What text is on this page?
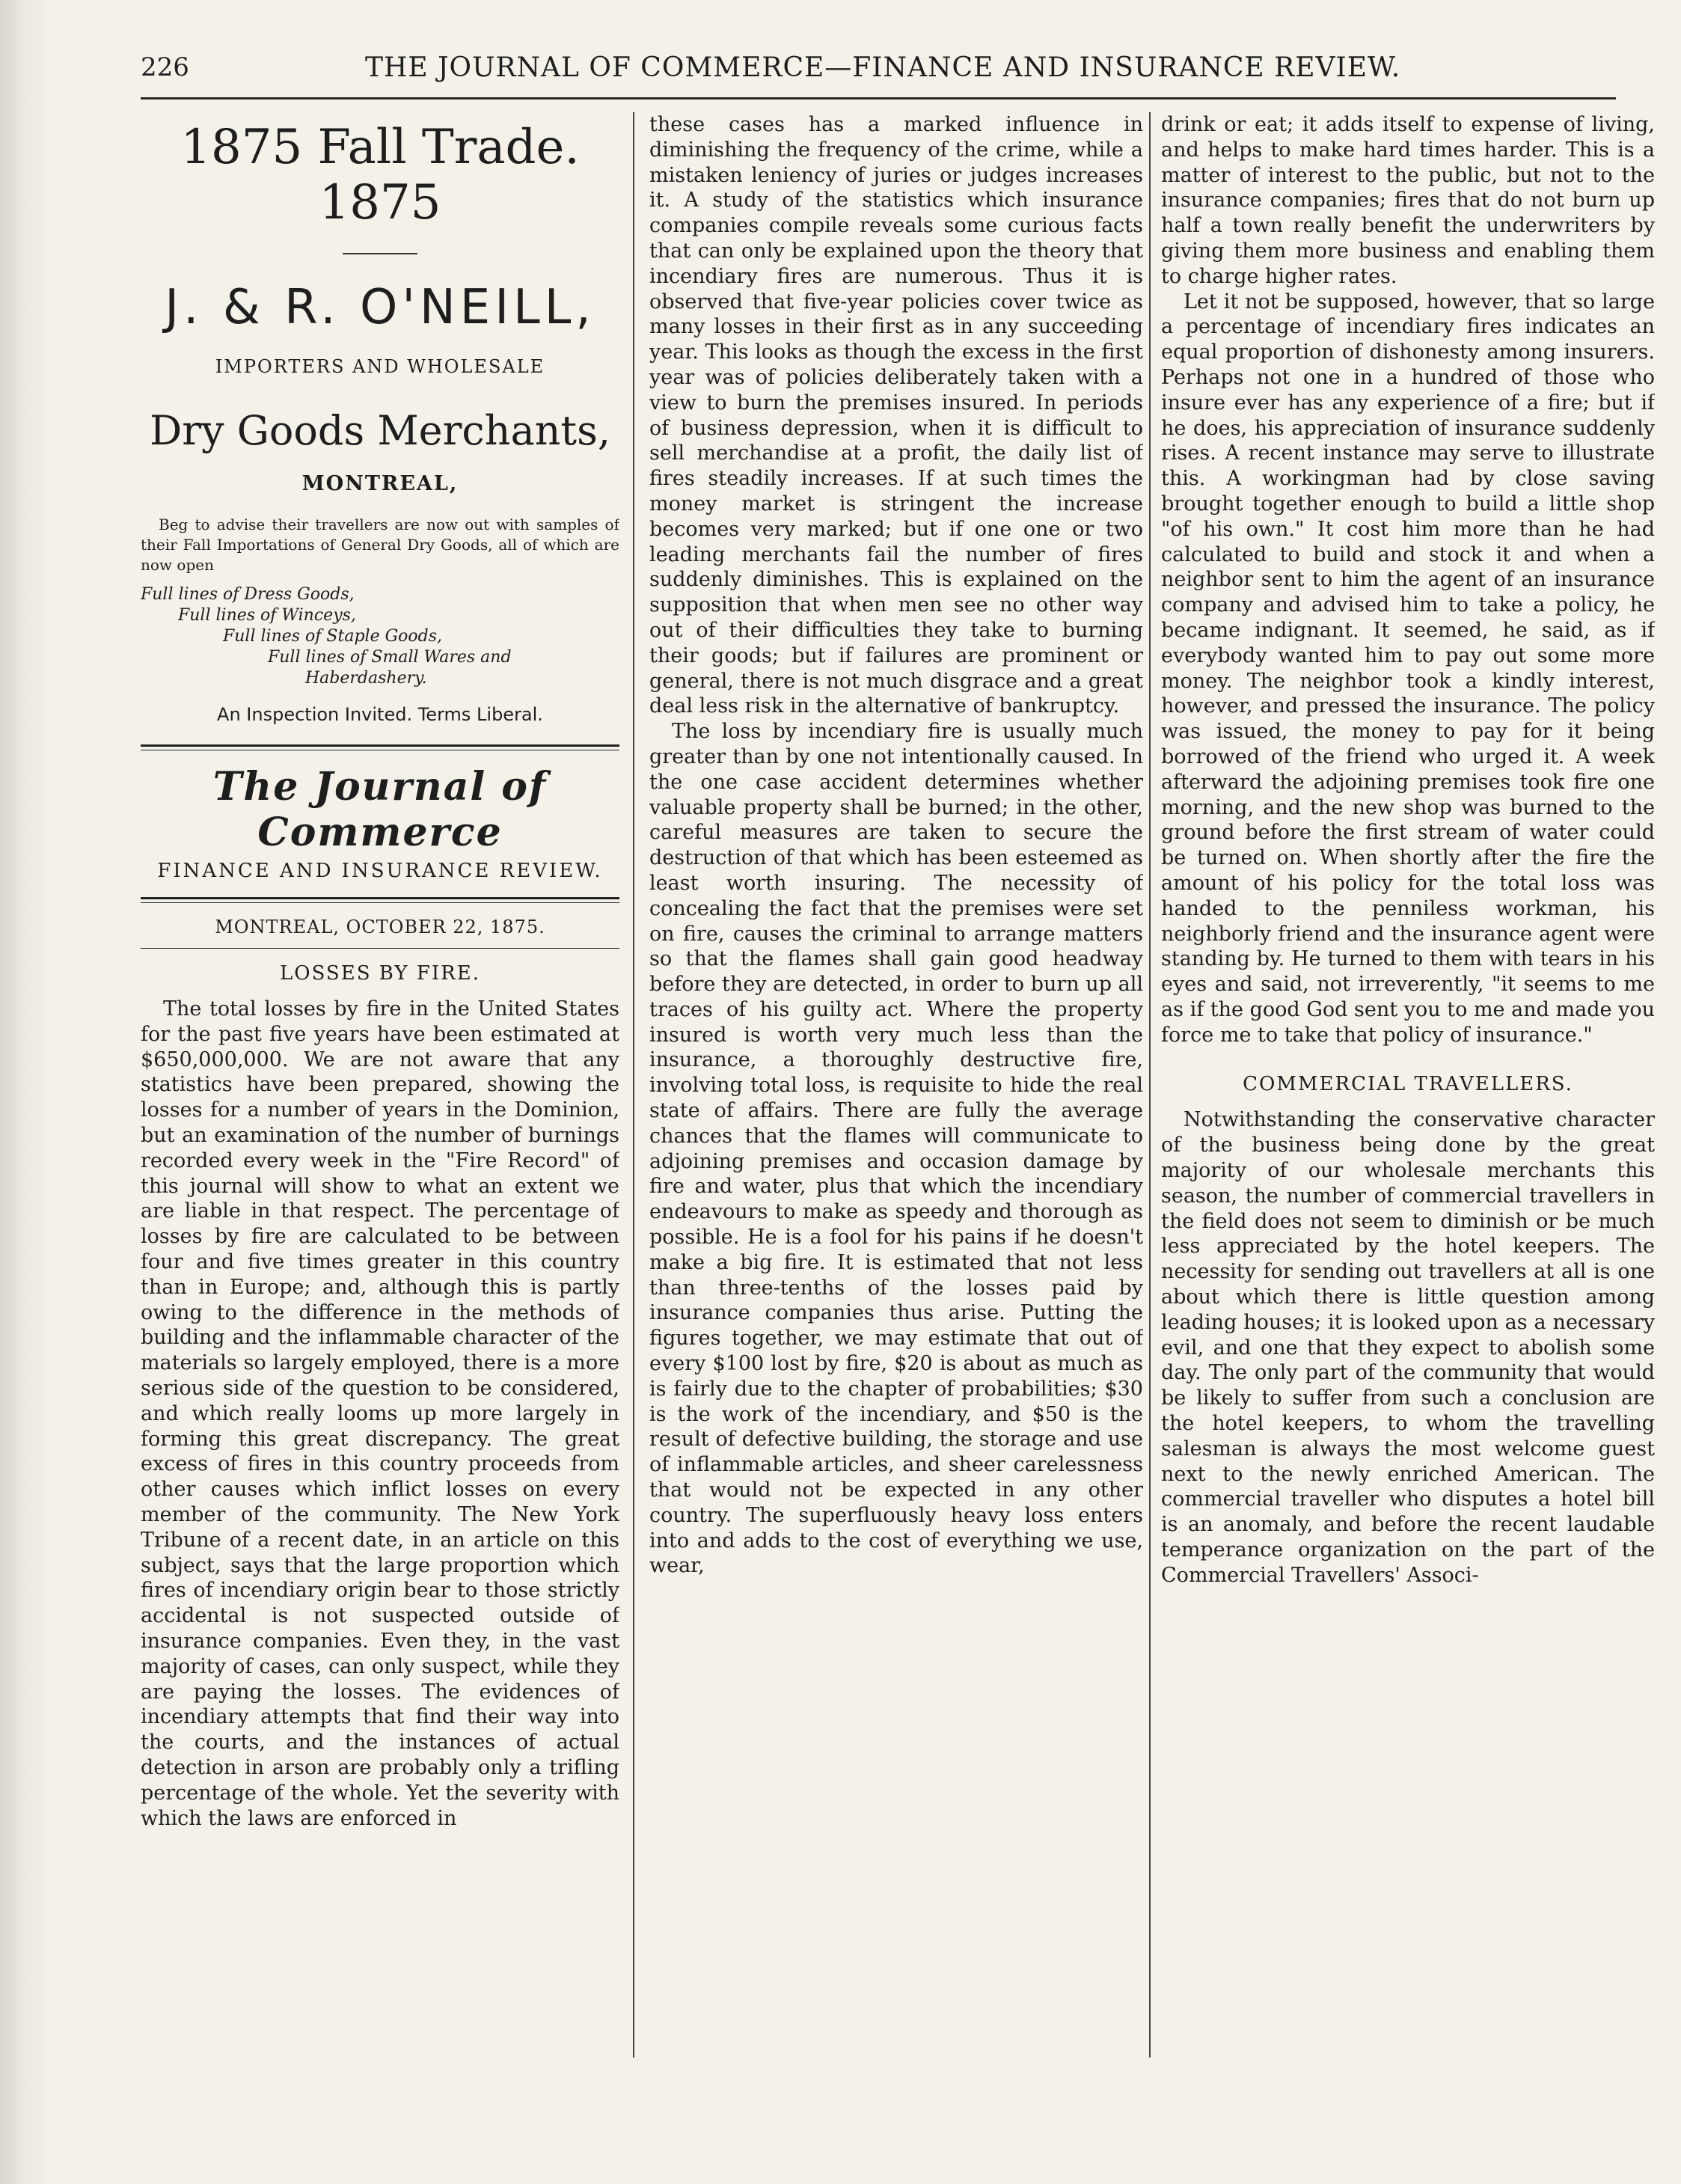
226	THE JOURNAL OF COMMERCE—FINANCE AND INSURANCE REVIEW.
1875 Fall Trade. 1875
J. & R. O'NEILL,
IMPORTERS AND WHOLESALE
Dry Goods Merchants,
MONTREAL,

Beg to advise their travellers are now out with samples of their Fall Importations of General Dry Goods, all of which are now open

Full lines of Dress Goods,
Full lines of Winceys,
Full lines of Staple Goods,
Full lines of Small Wares and
Haberdashery.
An Inspection Invited. Terms Liberal.
The Journal of Commerce
FINANCE AND INSURANCE REVIEW.
MONTREAL, OCTOBER 22, 1875.
LOSSES BY FIRE.

The total losses by fire in the United States for the past five years have been estimated at $650,000,000. We are not aware that any statistics have been prepared, showing the losses for a number of years in the Dominion, but an examination of the number of burnings recorded every week in the "Fire Record" of this journal will show to what an extent we are liable in that respect. The percentage of losses by fire are calculated to be between four and five times greater in this country than in Europe; and, although this is partly owing to the difference in the methods of building and the inflammable character of the materials so largely employed, there is a more serious side of the question to be considered, and which really looms up more largely in forming this great discrepancy. The great excess of fires in this country proceeds from other causes which inflict losses on every member of the community. The New York Tribune of a recent date, in an article on this subject, says that the large proportion which fires of incendiary origin bear to those strictly accidental is not suspected outside of insurance companies. Even they, in the vast majority of cases, can only suspect, while they are paying the losses. The evidences of incendiary attempts that find their way into the courts, and the instances of actual detection in arson are probably only a trifling percentage of the whole. Yet the severity with which the laws are enforced in

these cases has a marked influence in diminishing the frequency of the crime, while a mistaken leniency of juries or judges increases it. A study of the statistics which insurance companies compile reveals some curious facts that can only be explained upon the theory that incendiary fires are numerous. Thus it is observed that five-year policies cover twice as many losses in their first as in any succeeding year. This looks as though the excess in the first year was of policies deliberately taken with a view to burn the premises insured. In periods of business depression, when it is difficult to sell merchandise at a profit, the daily list of fires steadily increases. If at such times the money market is stringent the increase becomes very marked; but if one one or two leading merchants fail the number of fires suddenly diminishes. This is explained on the supposition that when men see no other way out of their difficulties they take to burning their goods; but if failures are prominent or general, there is not much disgrace and a great deal less risk in the alternative of bankruptcy.

The loss by incendiary fire is usually much greater than by one not intentionally caused. In the one case accident determines whether valuable property shall be burned; in the other, careful measures are taken to secure the destruction of that which has been esteemed as least worth insuring. The necessity of concealing the fact that the premises were set on fire, causes the criminal to arrange matters so that the flames shall gain good headway before they are detected, in order to burn up all traces of his guilty act. Where the property insured is worth very much less than the insurance, a thoroughly destructive fire, involving total loss, is requisite to hide the real state of affairs. There are fully the average chances that the flames will communicate to adjoining premises and occasion damage by fire and water, plus that which the incendiary endeavours to make as speedy and thorough as possible. He is a fool for his pains if he doesn't make a big fire. It is estimated that not less than three-tenths of the losses paid by insurance companies thus arise. Putting the figures together, we may estimate that out of every $100 lost by fire, $20 is about as much as is fairly due to the chapter of probabilities; $30 is the work of the incendiary, and $50 is the result of defective building, the storage and use of inflammable articles, and sheer carelessness that would not be expected in any other country. The superfluously heavy loss enters into and adds to the cost of everything we use, wear,

drink or eat; it adds itself to expense of living, and helps to make hard times harder. This is a matter of interest to the public, but not to the insurance companies; fires that do not burn up half a town really benefit the underwriters by giving them more business and enabling them to charge higher rates.

Let it not be supposed, however, that so large a percentage of incendiary fires indicates an equal proportion of dishonesty among insurers. Perhaps not one in a hundred of those who insure ever has any experience of a fire; but if he does, his appreciation of insurance suddenly rises. A recent instance may serve to illustrate this. A workingman had by close saving brought together enough to build a little shop "of his own." It cost him more than he had calculated to build and stock it and when a neighbor sent to him the agent of an insurance company and advised him to take a policy, he became indignant. It seemed, he said, as if everybody wanted him to pay out some more money. The neighbor took a kindly interest, however, and pressed the insurance. The policy was issued, the money to pay for it being borrowed of the friend who urged it. A week afterward the adjoining premises took fire one morning, and the new shop was burned to the ground before the first stream of water could be turned on. When shortly after the fire the amount of his policy for the total loss was handed to the penniless workman, his neighborly friend and the insurance agent were standing by. He turned to them with tears in his eyes and said, not irreverently, "it seems to me as if the good God sent you to me and made you force me to take that policy of insurance."

COMMERCIAL TRAVELLERS.

Notwithstanding the conservative character of the business being done by the great majority of our wholesale merchants this season, the number of commercial travellers in the field does not seem to diminish or be much less appreciated by the hotel keepers. The necessity for sending out travellers at all is one about which there is little question among leading houses; it is looked upon as a necessary evil, and one that they expect to abolish some day. The only part of the community that would be likely to suffer from such a conclusion are the hotel keepers, to whom the travelling salesman is always the most welcome guest next to the newly enriched American. The commercial traveller who disputes a hotel bill is an anomaly, and before the recent laudable temperance organization on the part of the Commercial Travellers' Associ-
